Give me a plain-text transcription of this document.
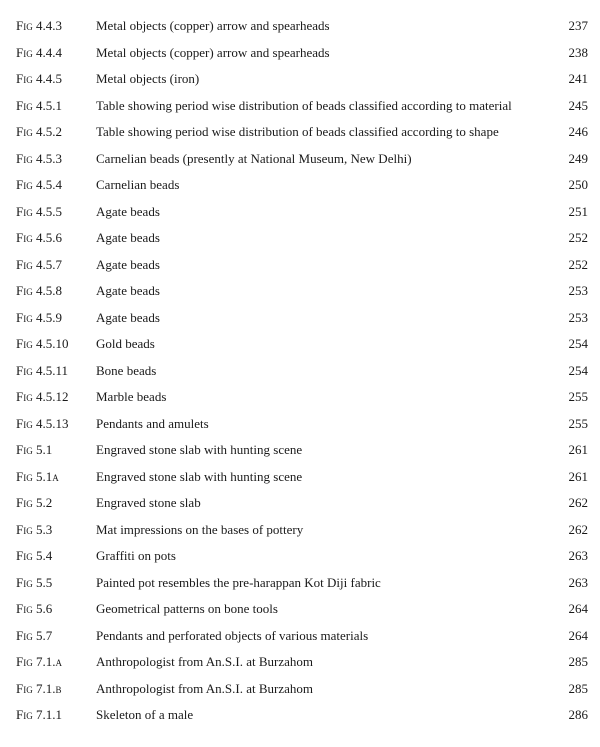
Fig 4.4.3	Metal objects (copper) arrow and spearheads	237
Fig 4.4.4	Metal objects (copper) arrow and spearheads	238
Fig 4.4.5	Metal objects (iron)	241
Fig 4.5.1	Table showing period wise distribution of beads classified according to material	245
Fig 4.5.2	Table showing period wise distribution of beads classified according to shape	246
Fig 4.5.3	Carnelian beads (presently at National Museum, New Delhi)	249
Fig 4.5.4	Carnelian beads	250
Fig 4.5.5	Agate beads	251
Fig 4.5.6	Agate beads	252
Fig 4.5.7	Agate beads	252
Fig 4.5.8	Agate beads	253
Fig 4.5.9	Agate beads	253
Fig 4.5.10 Gold beads	254
Fig 4.5.11 Bone beads	254
Fig 4.5.12 Marble beads	255
Fig 4.5.13 Pendants and amulets	255
Fig 5.1	Engraved stone slab with hunting scene	261
Fig 5.1a	Engraved stone slab with hunting scene	261
Fig 5.2	Engraved stone slab	262
Fig 5.3	Mat impressions on the bases of pottery	262
Fig 5.4	Graffiti on pots	263
Fig 5.5	Painted pot resembles the pre-harappan Kot Diji fabric	263
Fig 5.6	Geometrical patterns on bone tools	264
Fig 5.7	Pendants and perforated objects of various materials	264
Fig 7.1.a	Anthropologist from An.S.I. at Burzahom	285
Fig 7.1.b	Anthropologist from An.S.I. at Burzahom	285
Fig 7.1.1	Skeleton of a male	286
